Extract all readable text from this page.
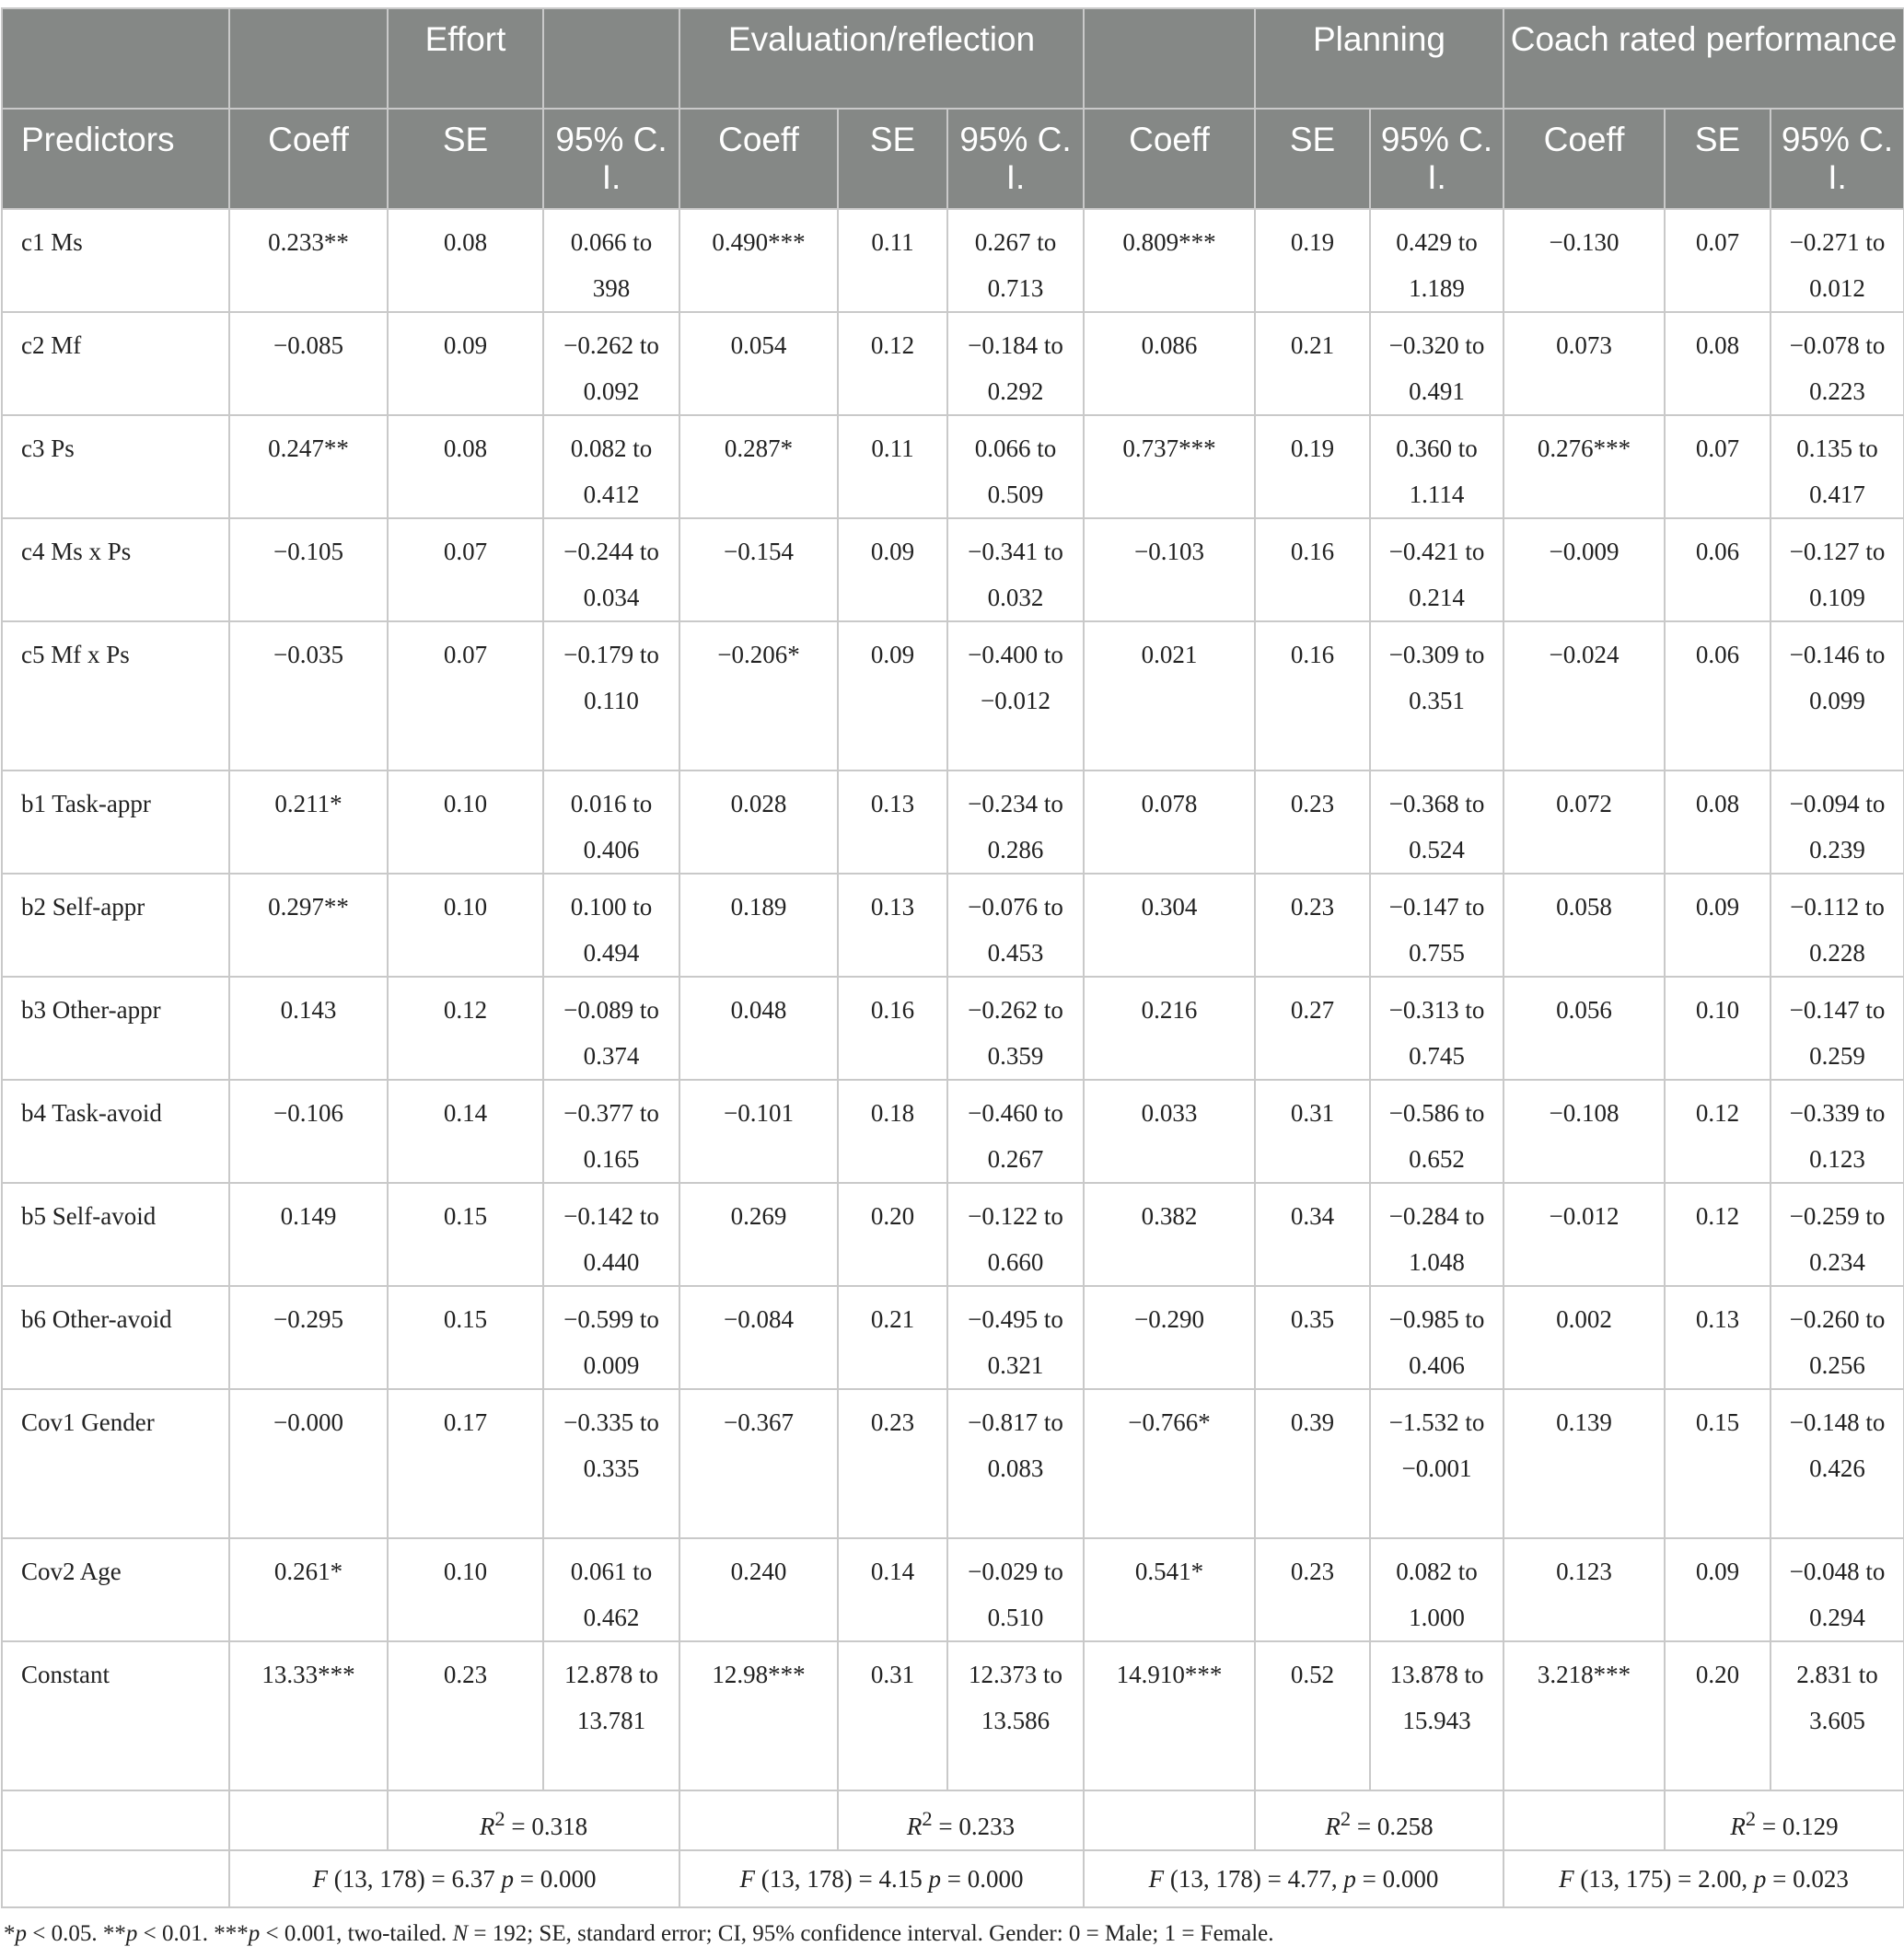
		Effort		Evaluation/reflection				Planning		Coach rated performance		
Predictors	Coeff	SE	95% C. I.	Coeff	SE	95% C. I.	Coeff	SE	95% C. I.	Coeff	SE	95% C. I.
c1 Ms	0.233**	0.08	0.066 to 398	0.490***	0.11	0.267 to 0.713	0.809***	0.19	0.429 to 1.189	−0.130	0.07	−0.271 to 0.012
c2 Mf	−0.085	0.09	−0.262 to 0.092	0.054	0.12	−0.184 to 0.292	0.086	0.21	−0.320 to 0.491	0.073	0.08	−0.078 to 0.223
c3 Ps	0.247**	0.08	0.082 to 0.412	0.287*	0.11	0.066 to 0.509	0.737***	0.19	0.360 to 1.114	0.276***	0.07	0.135 to 0.417
c4 Ms x Ps	−0.105	0.07	−0.244 to 0.034	−0.154	0.09	−0.341 to 0.032	−0.103	0.16	−0.421 to 0.214	−0.009	0.06	−0.127 to 0.109
c5 Mf x Ps	−0.035	0.07	−0.179 to 0.110	−0.206*	0.09	−0.400 to −0.012	0.021	0.16	−0.309 to 0.351	−0.024	0.06	−0.146 to 0.099
b1 Task-appr	0.211*	0.10	0.016 to 0.406	0.028	0.13	−0.234 to 0.286	0.078	0.23	−0.368 to 0.524	0.072	0.08	−0.094 to 0.239
b2 Self-appr	0.297**	0.10	0.100 to 0.494	0.189	0.13	−0.076 to 0.453	0.304	0.23	−0.147 to 0.755	0.058	0.09	−0.112 to 0.228
b3 Other-appr	0.143	0.12	−0.089 to 0.374	0.048	0.16	−0.262 to 0.359	0.216	0.27	−0.313 to 0.745	0.056	0.10	−0.147 to 0.259
b4 Task-avoid	−0.106	0.14	−0.377 to 0.165	−0.101	0.18	−0.460 to 0.267	0.033	0.31	−0.586 to 0.652	−0.108	0.12	−0.339 to 0.123
b5 Self-avoid	0.149	0.15	−0.142 to 0.440	0.269	0.20	−0.122 to 0.660	0.382	0.34	−0.284 to 1.048	−0.012	0.12	−0.259 to 0.234
b6 Other-avoid	−0.295	0.15	−0.599 to 0.009	−0.084	0.21	−0.495 to 0.321	−0.290	0.35	−0.985 to 0.406	0.002	0.13	−0.260 to 0.256
Cov1 Gender	−0.000	0.17	−0.335 to 0.335	−0.367	0.23	−0.817 to 0.083	−0.766*	0.39	−1.532 to −0.001	0.139	0.15	−0.148 to 0.426
Cov2 Age	0.261*	0.10	0.061 to 0.462	0.240	0.14	−0.029 to 0.510	0.541*	0.23	0.082 to 1.000	0.123	0.09	−0.048 to 0.294
Constant	13.33***	0.23	12.878 to 13.781	12.98***	0.31	12.373 to 13.586	14.910***	0.52	13.878 to 15.943	3.218***	0.20	2.831 to 3.605
		$R^2 = 0.318$			$R^2 = 0.233$			$R^2 = 0.258$			$R^2 = 0.129$	
	F (13, 178) = 6.37 p = 0.000			F (13, 178) = 4.15 p = 0.000			F (13, 178) = 4.77, p = 0.000			F (13, 175) = 2.00, p = 0.023		
*p < 0.05. **p < 0.01. ***p < 0.001, two-tailed. N = 192; SE, standard error; CI, 95% confidence interval. Gender: 0 = Male; 1 = Female.
